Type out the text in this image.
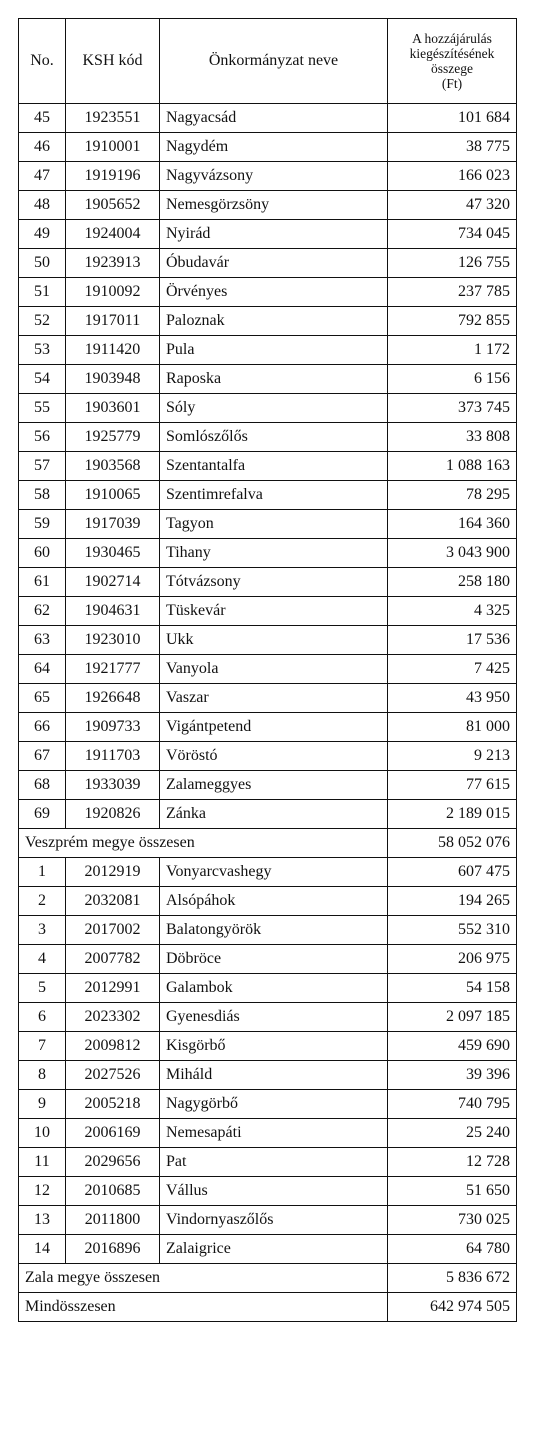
No.	KSH kód	Önkormányzat neve	A hozzájárulás
kiegészítésének
összege
(Ft)

45	1923551	Nagyacsád	101 684
46	1910001	Nagydém	38 775
47	1919196	Nagyvázsony	166 023
48	1905652	Nemesgörzsöny	47 320
49	1924004	Nyirád	734 045
50	1923913	Óbudavár	126 755
51	1910092	Örvényes	237 785
52	1917011	Paloznak	792 855
53	1911420	Pula	1 172
54	1903948	Raposka	6 156
55	1903601	Sóly	373 745
56	1925779	Somlószőlős	33 808
57	1903568	Szentantalfa	1 088 163
58	1910065	Szentimrefalva	78 295
59	1917039	Tagyon	164 360
60	1930465	Tihany	3 043 900
61	1902714	Tótvázsony	258 180
62	1904631	Tüskevár	4 325
63	1923010	Ukk	17 536
64	1921777	Vanyola	7 425
65	1926648	Vaszar	43 950
66	1909733	Vigántpetend	81 000
67	1911703	Vöröstó	9 213
68	1933039	Zalameggyes	77 615
69	1920826	Zánka	2 189 015
Veszprém megye összesen			58 052 076
1	2012919	Vonyarcvashegy	607 475
2	2032081	Alsópáhok	194 265
3	2017002	Balatongyörök	552 310
4	2007782	Döbröce	206 975
5	2012991	Galambok	54 158
6	2023302	Gyenesdiás	2 097 185
7	2009812	Kisgörbő	459 690
8	2027526	Miháld	39 396
9	2005218	Nagygörbő	740 795
10	2006169	Nemesapáti	25 240
11	2029656	Pat	12 728
12	2010685	Vállus	51 650
13	2011800	Vindornyaszőlős	730 025
14	2016896	Zalaigrice	64 780
Zala megye összesen			5 836 672
Mindösszesen			642 974 505
